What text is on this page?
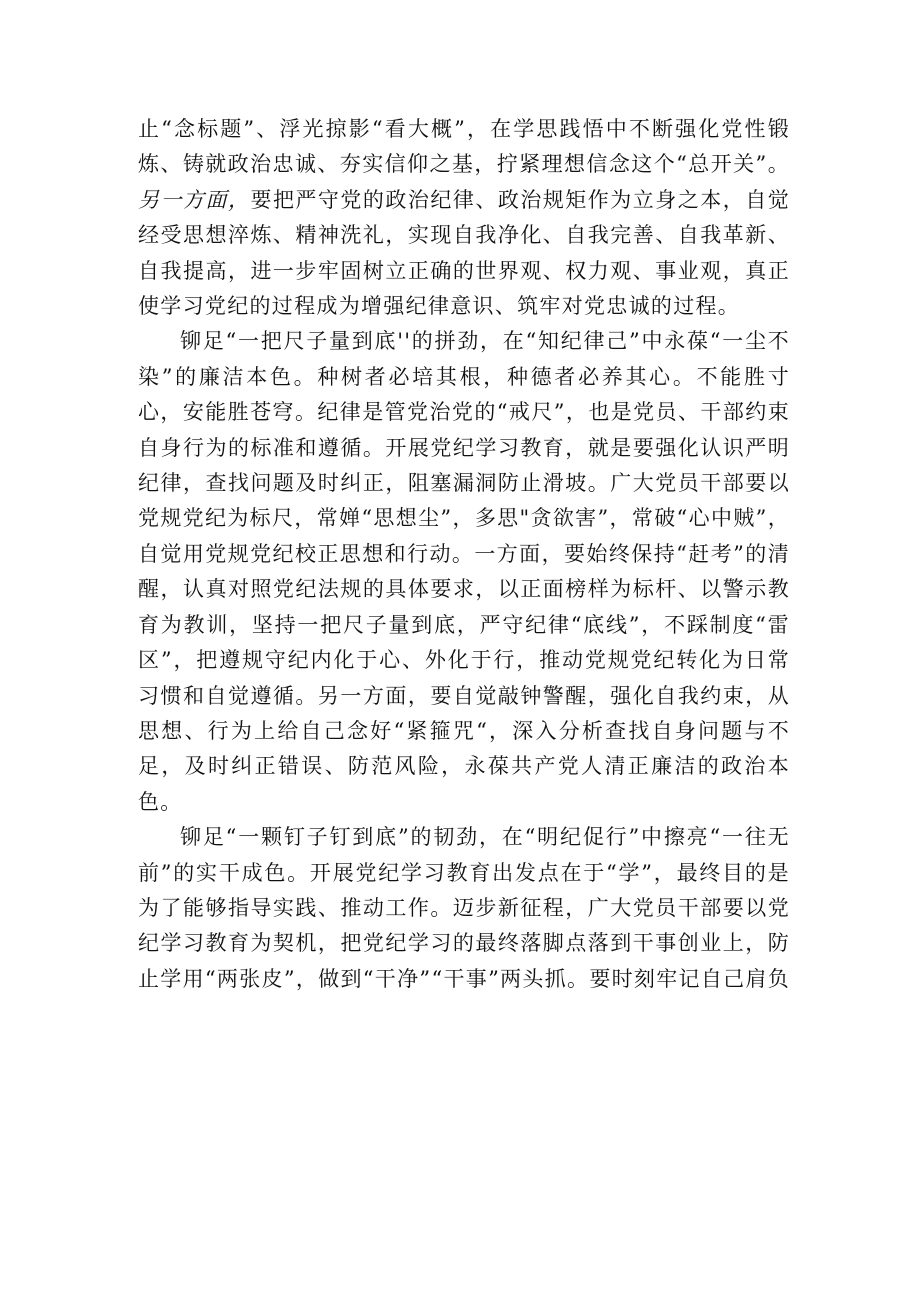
止“念标题”、浮光掠影“看大概”，在学思践悟中不断强化党性锻炼、铸就政治忠诚、夯实信仰之基，拧紧理想信念这个“总开关”。另一方面，要把严守党的政治纪律、政治规矩作为立身之本，自觉经受思想淬炼、精神洗礼，实现自我净化、自我完善、自我革新、自我提高，进一步牢固树立正确的世界观、权力观、事业观，真正使学习党纪的过程成为增强纪律意识、筑牢对党忠诚的过程。

铆足“一把尺子量到底''的拼劲，在“知纪律己”中永葆“一尘不染”的廉洁本色。种树者必培其根，种德者必养其心。不能胜寸心，安能胜苍穹。纪律是管党治党的“戒尺”，也是党员、干部约束自身行为的标准和遵循。开展党纪学习教育，就是要强化认识严明纪律，查找问题及时纠正，阻塞漏洞防止滑坡。广大党员干部要以党规党纪为标尺，常婵“思想尘”，多思"贪欲害”，常破“心中贼”，自觉用党规党纪校正思想和行动。一方面，要始终保持“赶考”的清醒，认真对照党纪法规的具体要求，以正面榜样为标杆、以警示教育为教训，坚持一把尺子量到底，严守纪律“底线”，不踩制度“雷区”，把遵规守纪内化于心、外化于行，推动党规党纪转化为日常习惯和自觉遵循。另一方面，要自觉敲钟警醒，强化自我约束，从思想、行为上给自己念好“紧箍咒“，深入分析查找自身问题与不足，及时纠正错误、防范风险，永葆共产党人清正廉洁的政治本色。

铆足“一颗钉子钉到底”的韧劲，在“明纪促行”中擦亮“一往无前”的实干成色。开展党纪学习教育出发点在于“学”，最终目的是为了能够指导实践、推动工作。迈步新征程，广大党员干部要以党纪学习教育为契机，把党纪学习的最终落脚点落到干事创业上，防止学用“两张皮”，做到“干净”“干事”两头抓。要时刻牢记自己肩负
